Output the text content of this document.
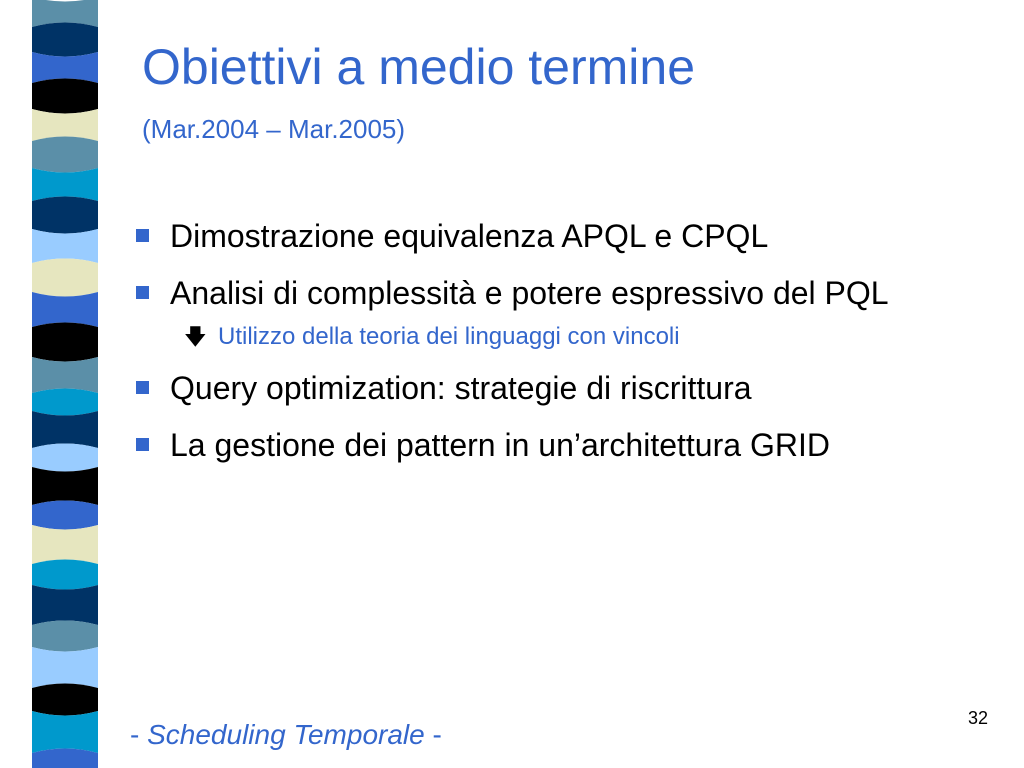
Obiettivi a medio termine
(Mar.2004 – Mar.2005)
Dimostrazione equivalenza APQL e CPQL
Analisi di complessità e potere espressivo del PQL
🡇 Utilizzo della teoria dei linguaggi con vincoli
Query optimization: strategie di riscrittura
La gestione dei pattern in un’architettura GRID
32
- Scheduling Temporale -
